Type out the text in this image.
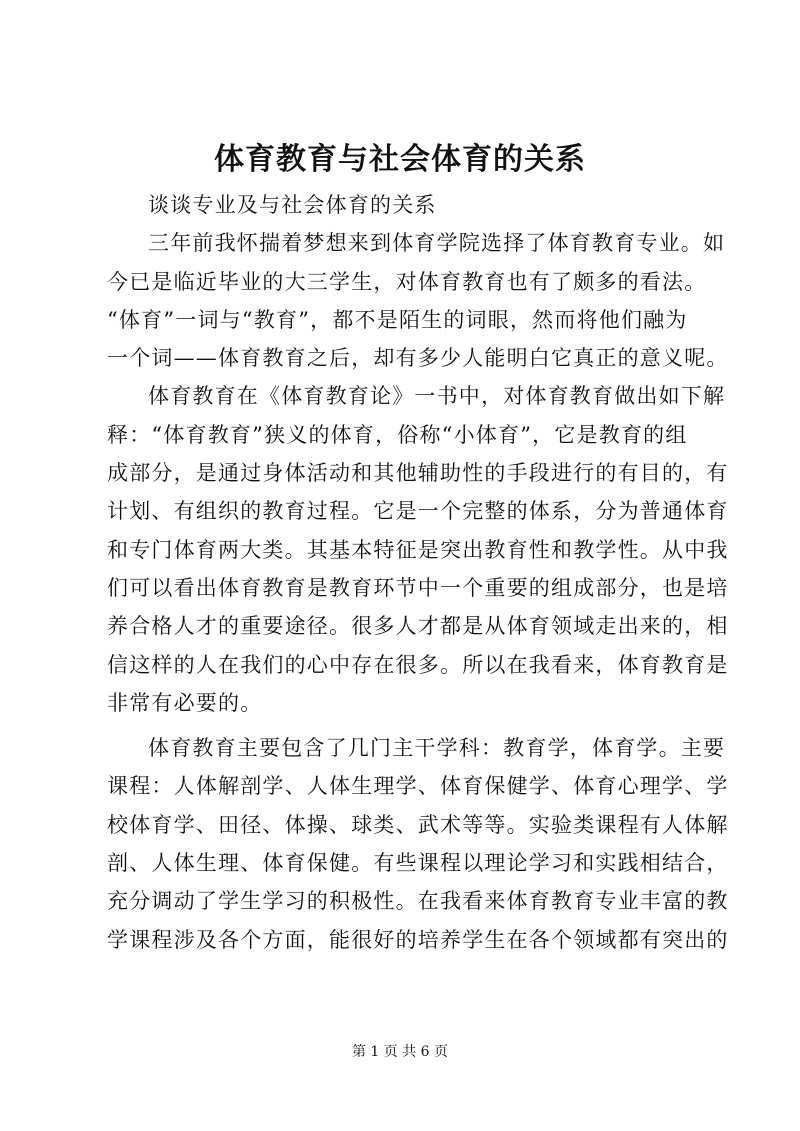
体育教育与社会体育的关系
谈谈专业及与社会体育的关系
三年前我怀揣着梦想来到体育学院选择了体育教育专业。如
今已是临近毕业的大三学生，对体育教育也有了颇多的看法。
“体育”一词与“教育”，都不是陌生的词眼，然而将他们融为
一个词——体育教育之后，却有多少人能明白它真正的意义呢。
体育教育在《体育教育论》一书中，对体育教育做出如下解
释：“体育教育”狭义的体育，俗称“小体育”，它是教育的组
成部分，是通过身体活动和其他辅助性的手段进行的有目的，有
计划、有组织的教育过程。它是一个完整的体系，分为普通体育
和专门体育两大类。其基本特征是突出教育性和教学性。从中我
们可以看出体育教育是教育环节中一个重要的组成部分，也是培
养合格人才的重要途径。很多人才都是从体育领域走出来的，相
信这样的人在我们的心中存在很多。所以在我看来，体育教育是
非常有必要的。
体育教育主要包含了几门主干学科：教育学，体育学。主要
课程：人体解剖学、人体生理学、体育保健学、体育心理学、学
校体育学、田径、体操、球类、武术等等。实验类课程有人体解
剖、人体生理、体育保健。有些课程以理论学习和实践相结合，
充分调动了学生学习的积极性。在我看来体育教育专业丰富的教
学课程涉及各个方面，能很好的培养学生在各个领域都有突出的
第 1 页 共 6 页
